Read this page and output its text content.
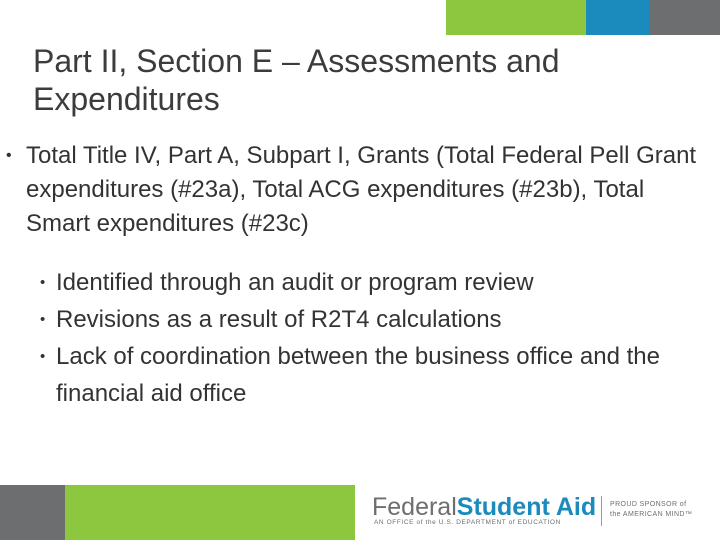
Part II, Section E – Assessments and Expenditures
• Total Title IV, Part A, Subpart I, Grants (Total Federal Pell Grant expenditures (#23a), Total ACG expenditures (#23b), Total Smart expenditures (#23c)
• Identified through an audit or program review
• Revisions as a result of R2T4 calculations
• Lack of coordination between the business office and the financial aid office
FederalStudent Aid
AN OFFICE of the U.S. DEPARTMENT of EDUCATION
PROUD SPONSOR of
the AMERICAN MIND™
